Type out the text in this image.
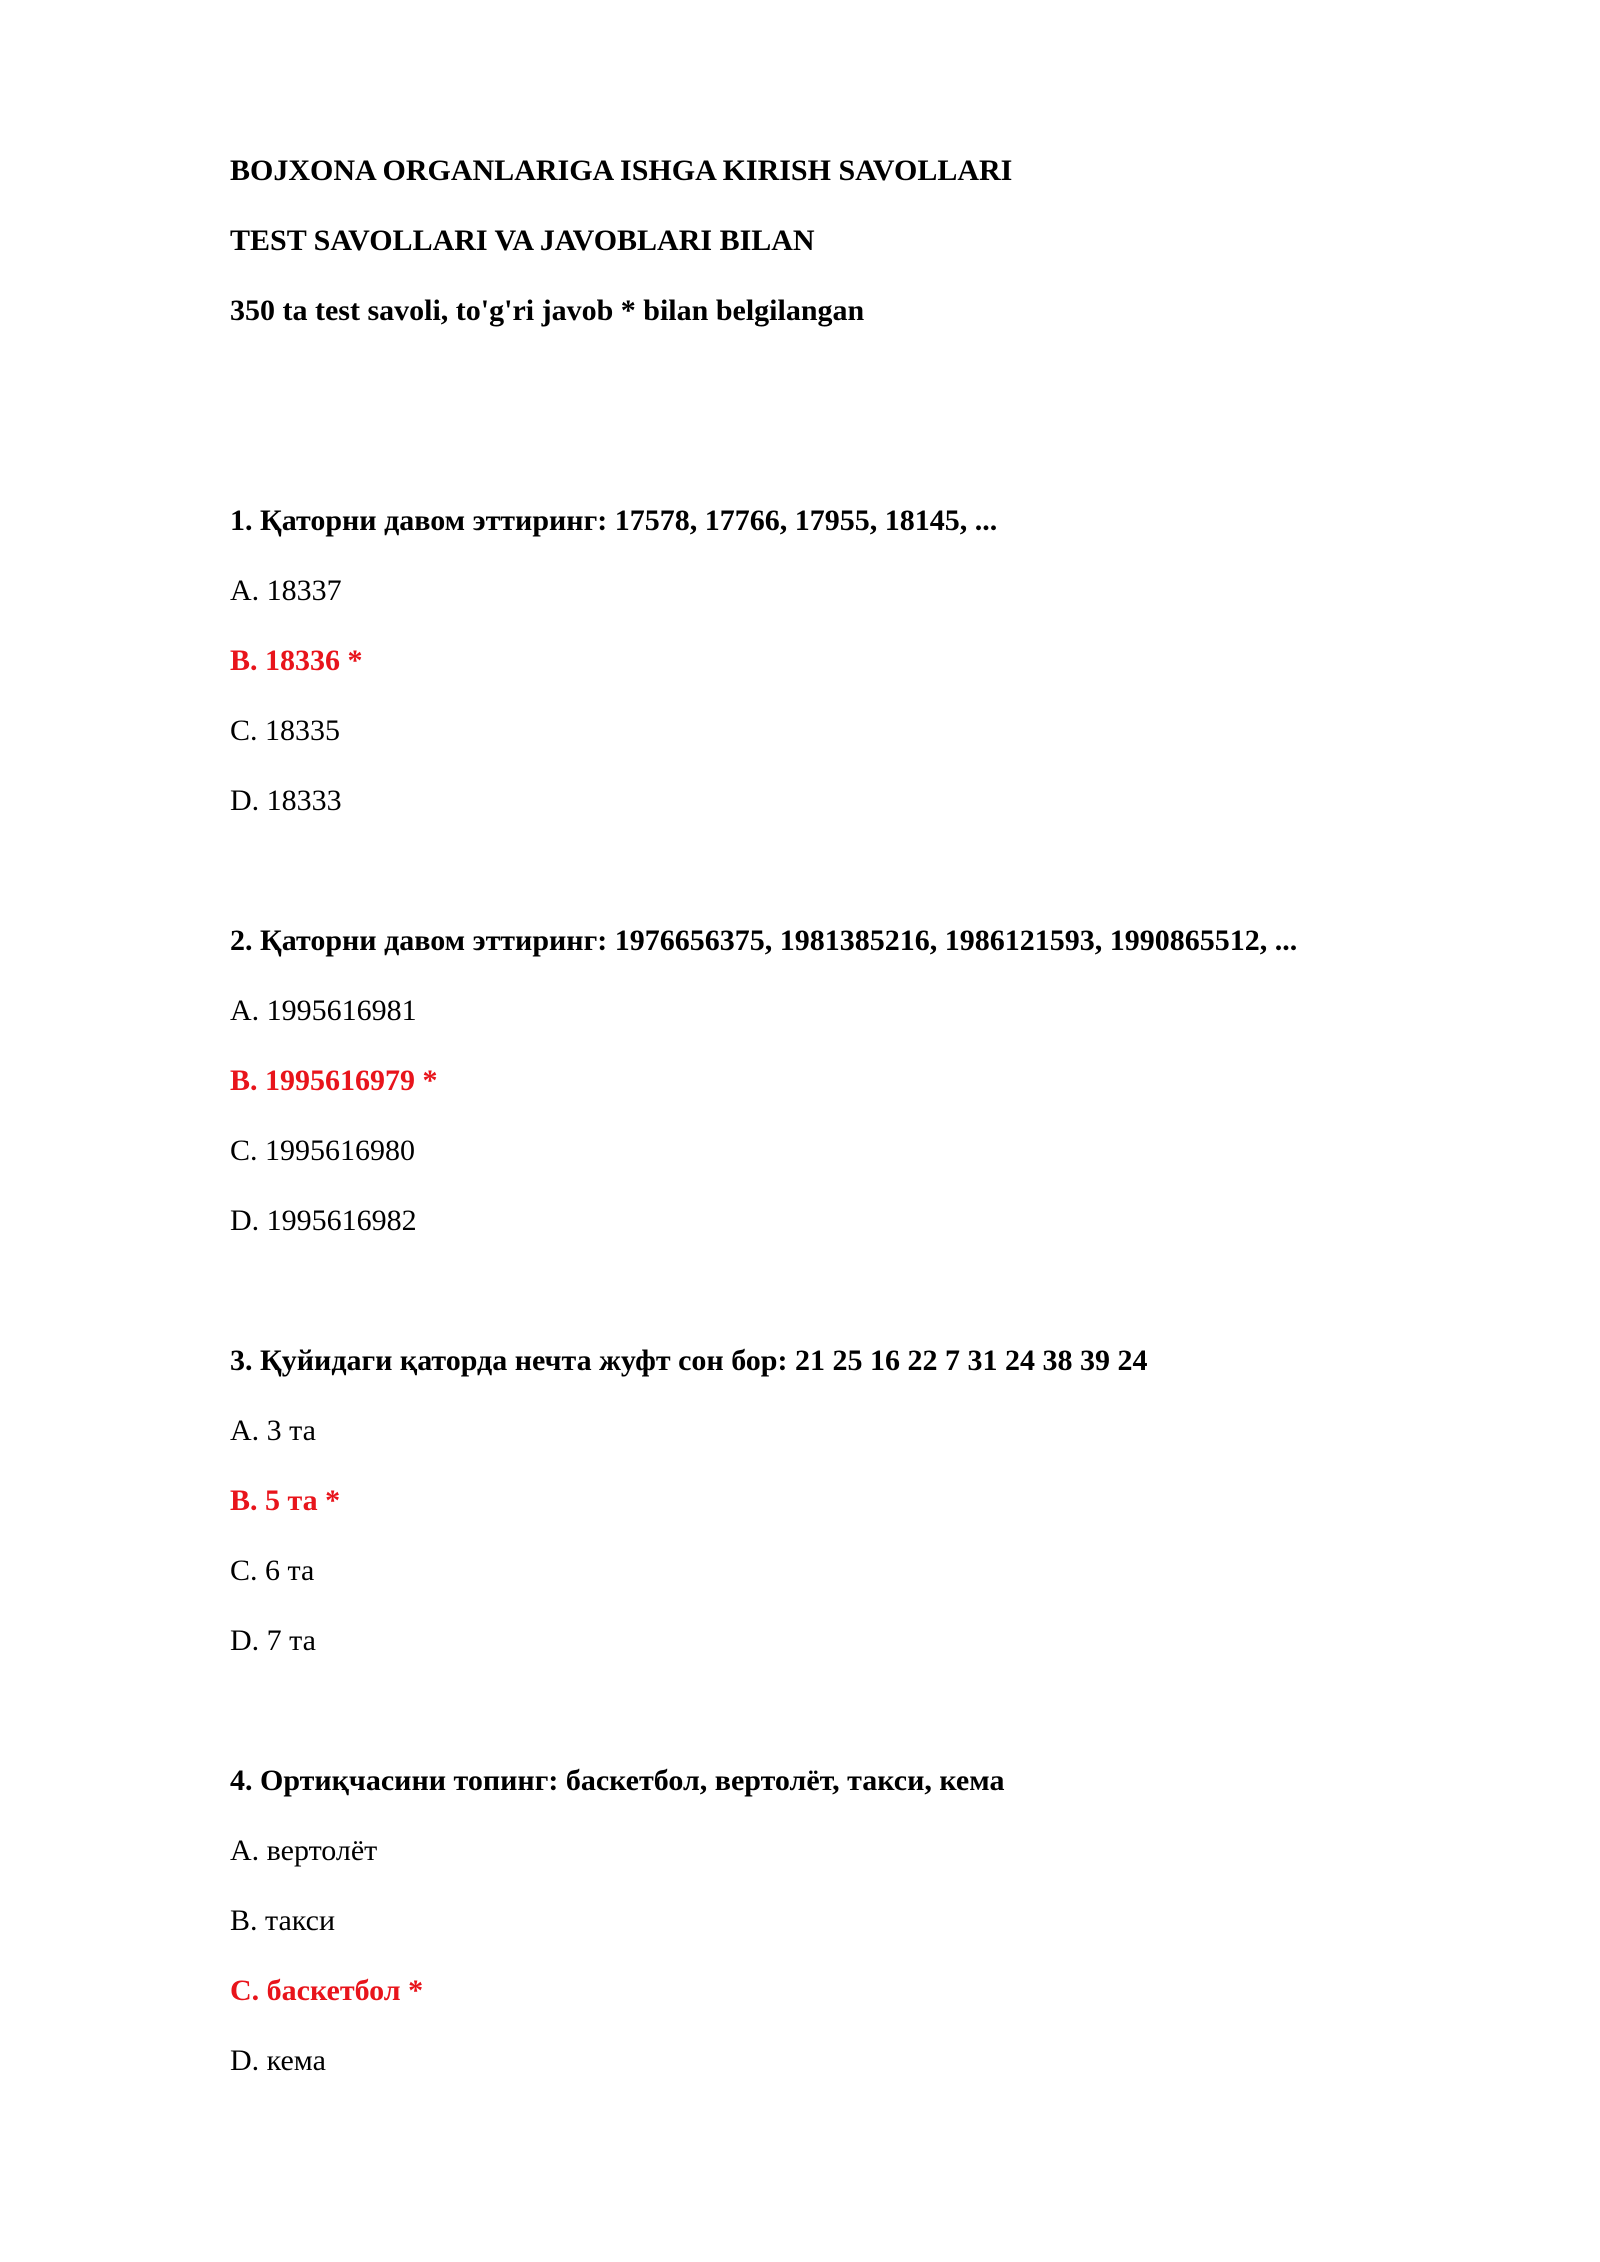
BOJXONA ORGANLARIGA ISHGA KIRISH SAVOLLARI
TEST SAVOLLARI VA JAVOBLARI BILAN
350 ta test savoli, to'g'ri javob * bilan belgilangan
1. Қаторни давом эттиринг: 17578, 17766, 17955, 18145, ...
A. 18337
B. 18336 *
C. 18335
D. 18333
2. Қаторни давом эттиринг: 1976656375, 1981385216, 1986121593, 1990865512, ...
A. 1995616981
B. 1995616979 *
C. 1995616980
D. 1995616982
3. Қуйидаги қаторда нечта жуфт сон бор: 21 25 16 22 7 31 24 38 39 24
A. 3 та
B. 5 та *
C. 6 та
D. 7 та
4. Ортиқчасини топинг: баскетбол, вертолёт, такси, кема
A. вертолёт
B. такси
C. баскетбол *
D. кема
